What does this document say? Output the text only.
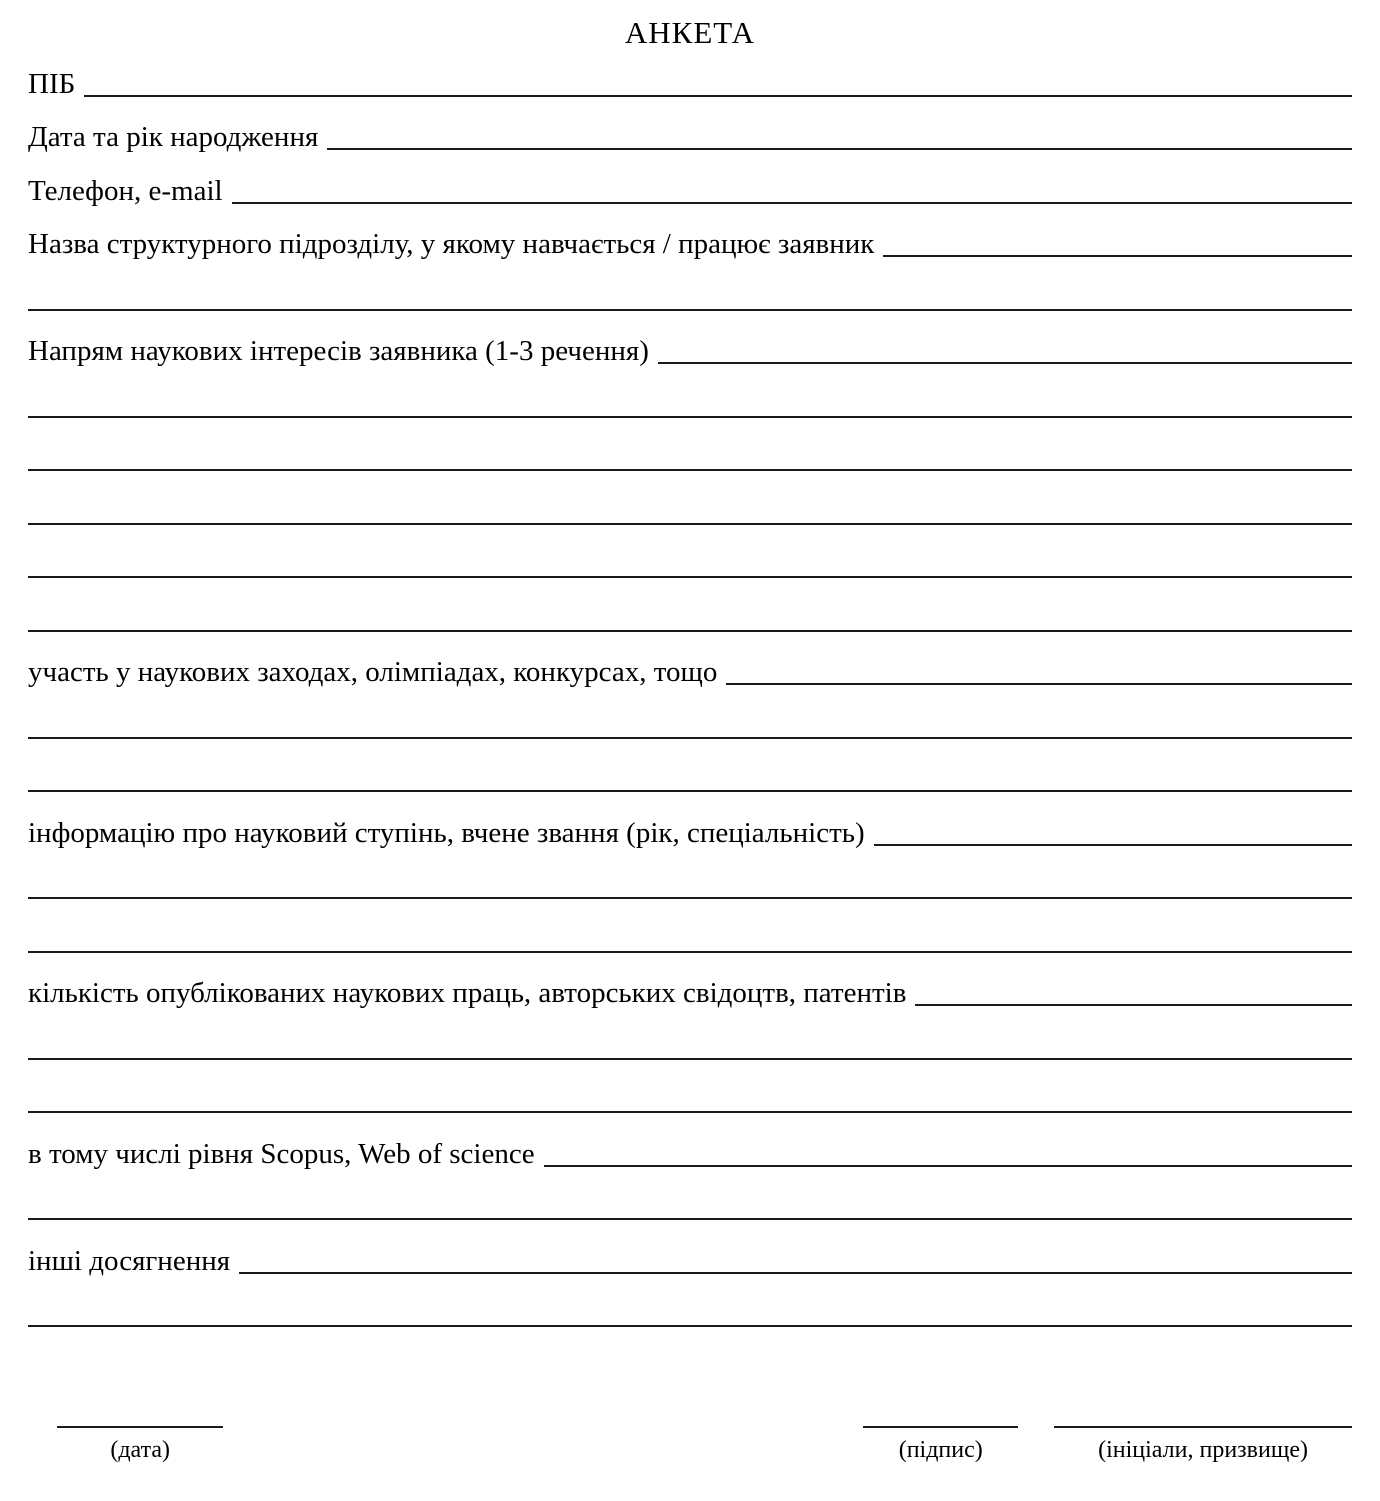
АНКЕТА
ПІБ
Дата та рік народження
Телефон, e-mail
Назва структурного підрозділу, у якому навчається / працює заявник
Напрям наукових інтересів заявника (1-3 речення)
участь у наукових заходах, олімпіадах, конкурсах, тощо
інформацію про науковий ступінь, вчене звання (рік, спеціальність)
кількість опублікованих наукових праць, авторських свідоцтв, патентів
в тому числі рівня Scopus, Web of science
інші досягнення
(дата)	(підпис)	(ініціали, призвище)
